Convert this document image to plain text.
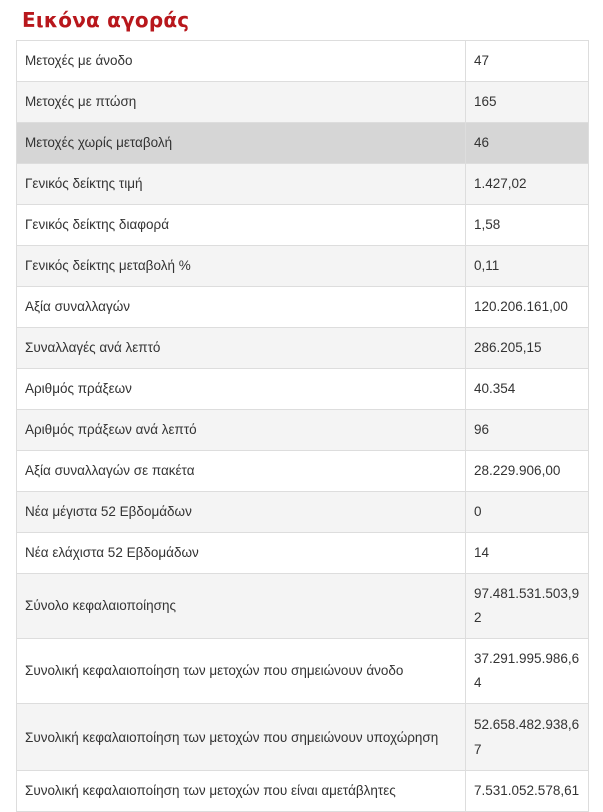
Εικόνα αγοράς
Μετοχές με άνοδο	47
Μετοχές με πτώση	165
Μετοχές χωρίς μεταβολή	46
Γενικός δείκτης τιμή	1.427,02
Γενικός δείκτης διαφορά	1,58
Γενικός δείκτης μεταβολή %	0,11
Αξία συναλλαγών	120.206.161,00
Συναλλαγές ανά λεπτό	286.205,15
Αριθμός πράξεων	40.354
Αριθμός πράξεων ανά λεπτό	96
Αξία συναλλαγών σε πακέτα	28.229.906,00
Νέα μέγιστα 52 Εβδομάδων	0
Νέα ελάχιστα 52 Εβδομάδων	14
Σύνολο κεφαλαιοποίησης	97.481.531.503,92
Συνολική κεφαλαιοποίηση των μετοχών που σημειώνουν άνοδο	37.291.995.986,64
Συνολική κεφαλαιοποίηση των μετοχών που σημειώνουν υποχώρηση	52.658.482.938,67
Συνολική κεφαλαιοποίηση των μετοχών που είναι αμετάβλητες	7.531.052.578,61
